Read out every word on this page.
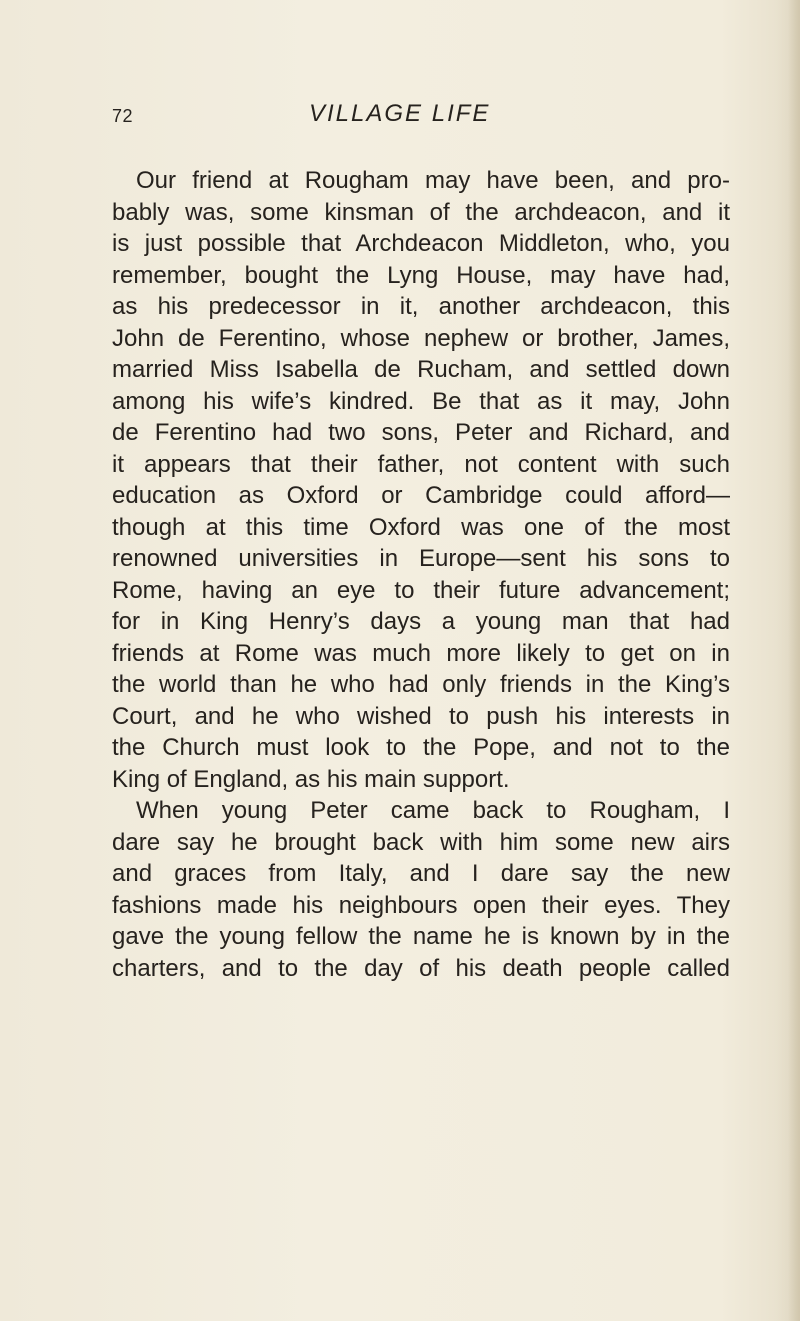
72	VILLAGE LIFE
Our friend at Rougham may have been, and pro-
bably was, some kinsman of the archdeacon, and it
is just possible that Archdeacon Middleton, who, you
remember, bought the Lyng House, may have had,
as his predecessor in it, another archdeacon, this
John de Ferentino, whose nephew or brother, James,
married Miss Isabella de Rucham, and settled down
among his wife’s kindred. Be that as it may, John
de Ferentino had two sons, Peter and Richard, and
it appears that their father, not content with such
education as Oxford or Cambridge could afford—
though at this time Oxford was one of the most
renowned universities in Europe—sent his sons to
Rome, having an eye to their future advancement;
for in King Henry’s days a young man that had
friends at Rome was much more likely to get on in
the world than he who had only friends in the King’s
Court, and he who wished to push his interests in
the Church must look to the Pope, and not to the
King of England, as his main support.
When young Peter came back to Rougham, I
dare say he brought back with him some new airs
and graces from Italy, and I dare say the new
fashions made his neighbours open their eyes. They
gave the young fellow the name he is known by in the
charters, and to the day of his death people called
